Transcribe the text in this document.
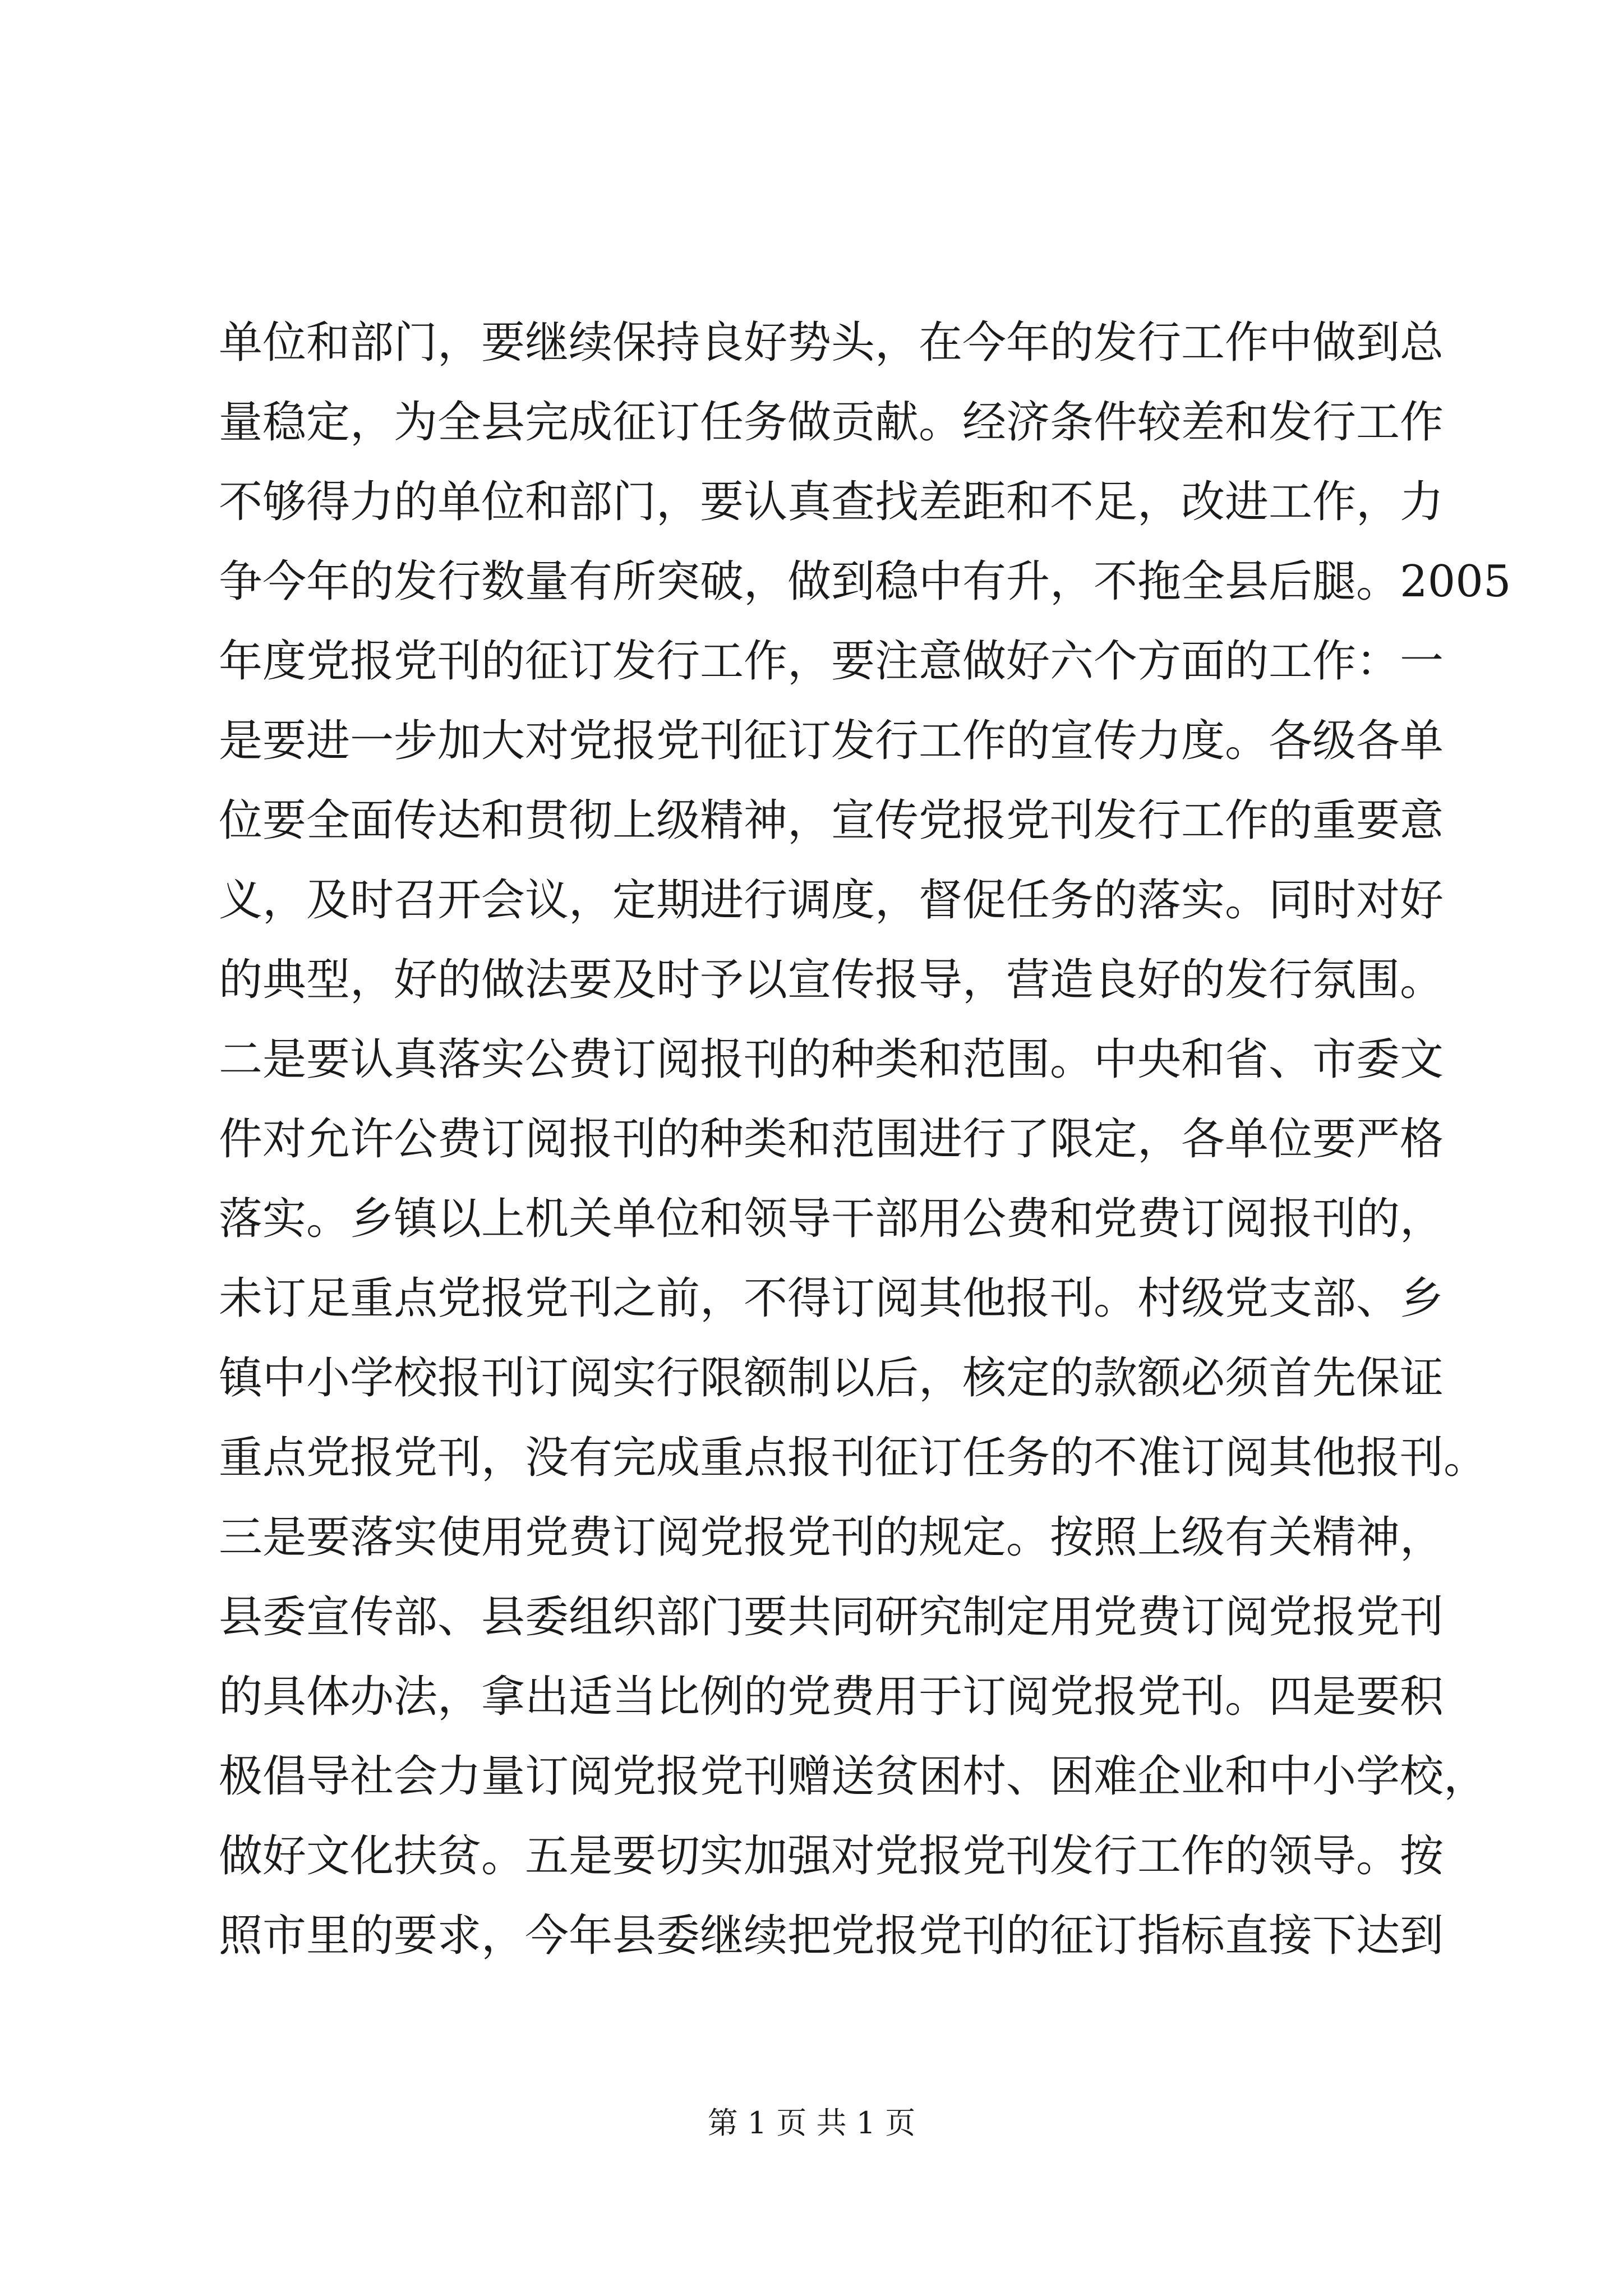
单位和部门，要继续保持良好势头，在今年的发行工作中做到总
量稳定，为全县完成征订任务做贡献。经济条件较差和发行工作
不够得力的单位和部门，要认真查找差距和不足，改进工作，力
争今年的发行数量有所突破，做到稳中有升，不拖全县后腿。2005
年度党报党刊的征订发行工作，要注意做好六个方面的工作：一
是要进一步加大对党报党刊征订发行工作的宣传力度。各级各单
位要全面传达和贯彻上级精神，宣传党报党刊发行工作的重要意
义，及时召开会议，定期进行调度，督促任务的落实。同时对好
的典型，好的做法要及时予以宣传报导，营造良好的发行氛围。
二是要认真落实公费订阅报刊的种类和范围。中央和省、市委文
件对允许公费订阅报刊的种类和范围进行了限定，各单位要严格
落实。乡镇以上机关单位和领导干部用公费和党费订阅报刊的，
未订足重点党报党刊之前，不得订阅其他报刊。村级党支部、乡
镇中小学校报刊订阅实行限额制以后，核定的款额必须首先保证
重点党报党刊，没有完成重点报刊征订任务的不准订阅其他报刊。
三是要落实使用党费订阅党报党刊的规定。按照上级有关精神，
县委宣传部、县委组织部门要共同研究制定用党费订阅党报党刊
的具体办法，拿出适当比例的党费用于订阅党报党刊。四是要积
极倡导社会力量订阅党报党刊赠送贫困村、困难企业和中小学校，
做好文化扶贫。五是要切实加强对党报党刊发行工作的领导。按
照市里的要求，今年县委继续把党报党刊的征订指标直接下达到
第 1 页 共 1 页
